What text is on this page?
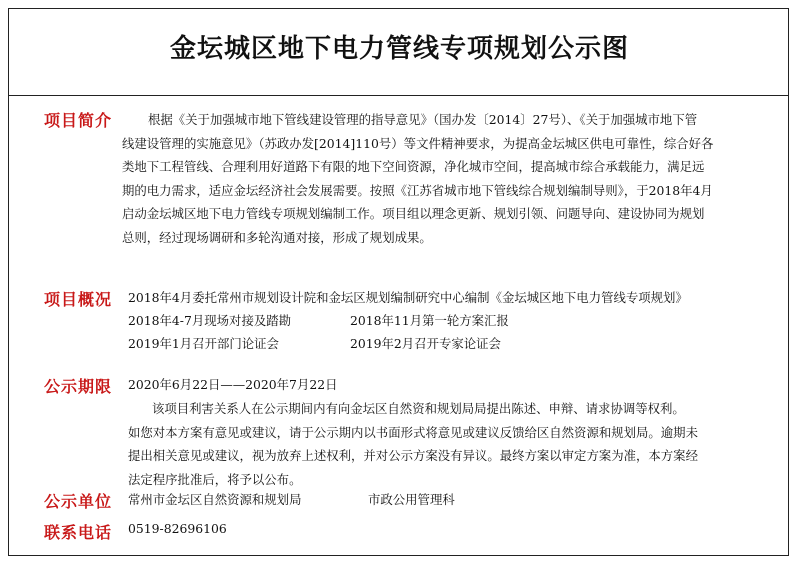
金坛城区地下电力管线专项规划公示图
项目简介	根据《关于加强城市地下管线建设管理的指导意见》（国办发〔2014〕27号）、《关于加强城市地下管
线建设管理的实施意见》（苏政办发[2014]110号）等文件精神要求，为提高金坛城区供电可靠性，综合好各
类地下工程管线、合理利用好道路下有限的地下空间资源，净化城市空间，提高城市综合承载能力，满足远
期的电力需求，适应金坛经济社会发展需要。按照《江苏省城市地下管线综合规划编制导则》，于2018年4月
启动金坛城区地下电力管线专项规划编制工作。项目组以理念更新、规划引领、问题导向、建设协同为规划
总则，经过现场调研和多轮沟通对接，形成了规划成果。
项目概况 2018年4月委托常州市规划设计院和金坛区规划编制研究中心编制《金坛城区地下电力管线专项规划》
2018年4-7月现场对接及踏勘	2018年11月第一轮方案汇报
2019年1月召开部门论证会	2019年2月召开专家论证会
公示期限 2020年6月22日——2020年7月22日
该项目利害关系人在公示期间内有向金坛区自然资和规划局局提出陈述、申辩、请求协调等权利。
如您对本方案有意见或建议，请于公示期内以书面形式将意见或建议反馈给区自然资源和规划局。逾期未
提出相关意见或建议，视为放弃上述权利，并对公示方案没有异议。最终方案以审定方案为准，本方案经
法定程序批准后，将予以公布。
公示单位 常州市金坛区自然资源和规划局	市政公用管理科
联系电话 0519-82696106
